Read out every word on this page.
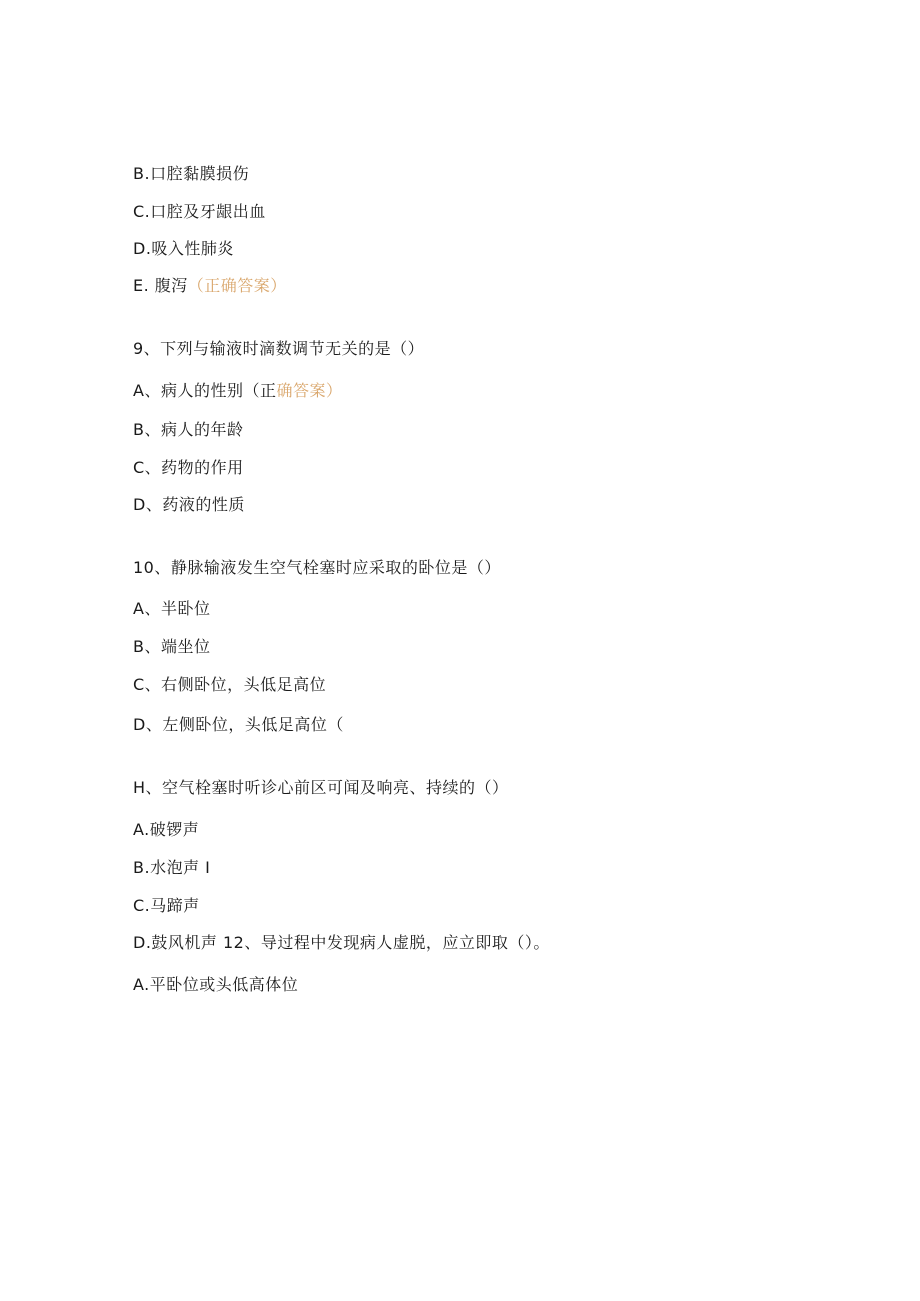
B.口腔黏膜损伤
C.口腔及牙龈出血
D.吸入性肺炎
E. 腹泻（正确答案）
9、下列与输液时滴数调节无关的是（）
A、病人的性别（正确答案）
B、病人的年龄
C、药物的作用
D、药液的性质
10、静脉输液发生空气栓塞时应采取的卧位是（）
A、半卧位
B、端坐位
C、右侧卧位，头低足高位
D、左侧卧位，头低足高位（
H、空气栓塞时听诊心前区可闻及响亮、持续的（）
A.破锣声
B.水泡声 I
C.马蹄声
D.鼓风机声 12、导过程中发现病人虚脱，应立即取（）。
A.平卧位或头低高体位
